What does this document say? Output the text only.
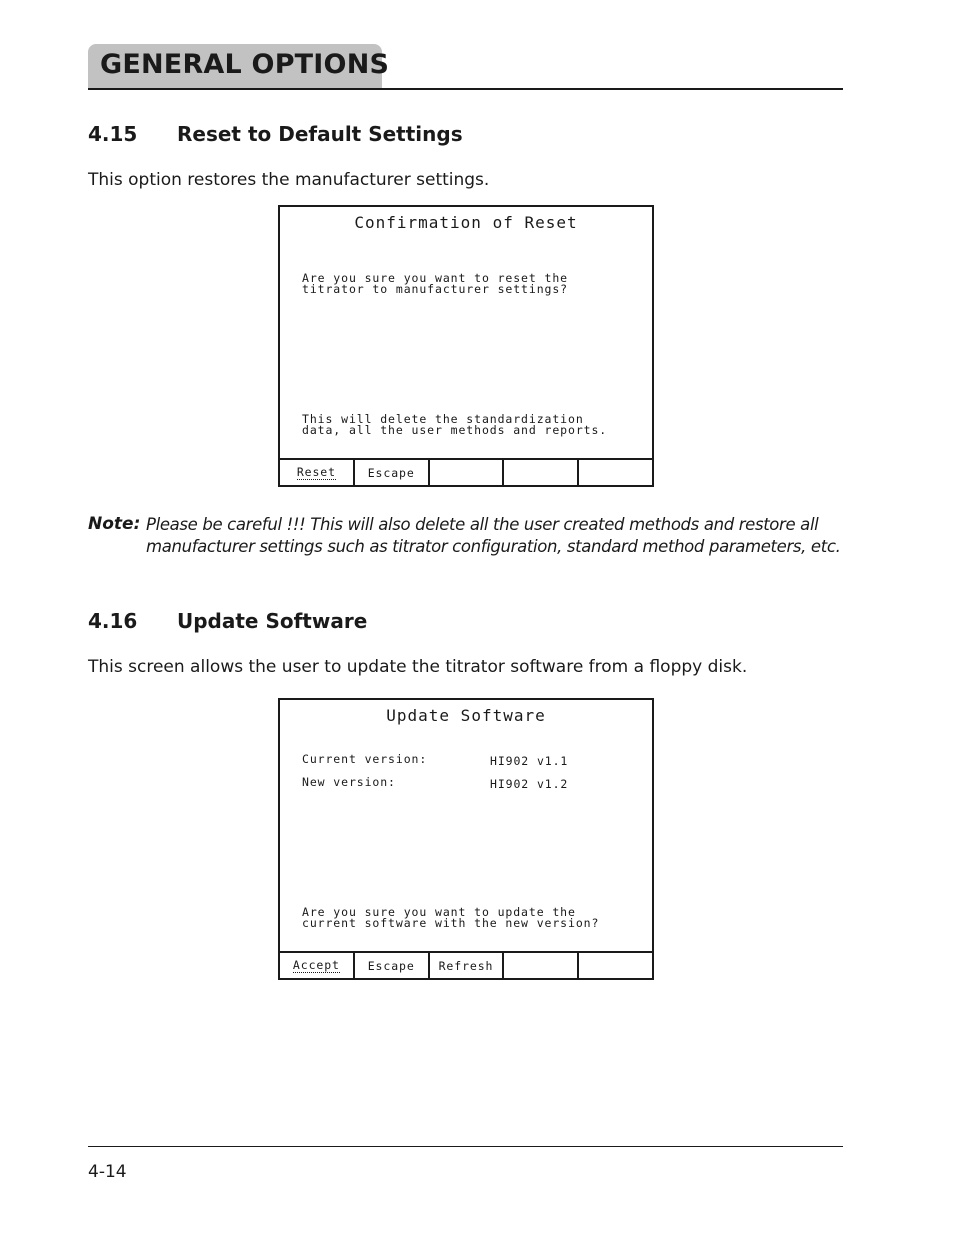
GENERAL OPTIONS
4.15 Reset to Default Settings
This option restores the manufacturer settings.
Confirmation of Reset
Are you sure you want to reset the
titrator to manufacturer settings?
This will delete the standardization
data, all the user methods and reports.
Reset	Escape
Note: Please be careful !!! This will also delete all the user created methods and restore all
manufacturer settings such as titrator configuration, standard method parameters, etc.
4.16 Update Software
This screen allows the user to update the titrator software from a floppy disk.
Update Software
Current version:	HI902 v1.1
New version:	HI902 v1.2
Are you sure you want to update the
current software with the new version?
Accept Escape Refresh
4-14
